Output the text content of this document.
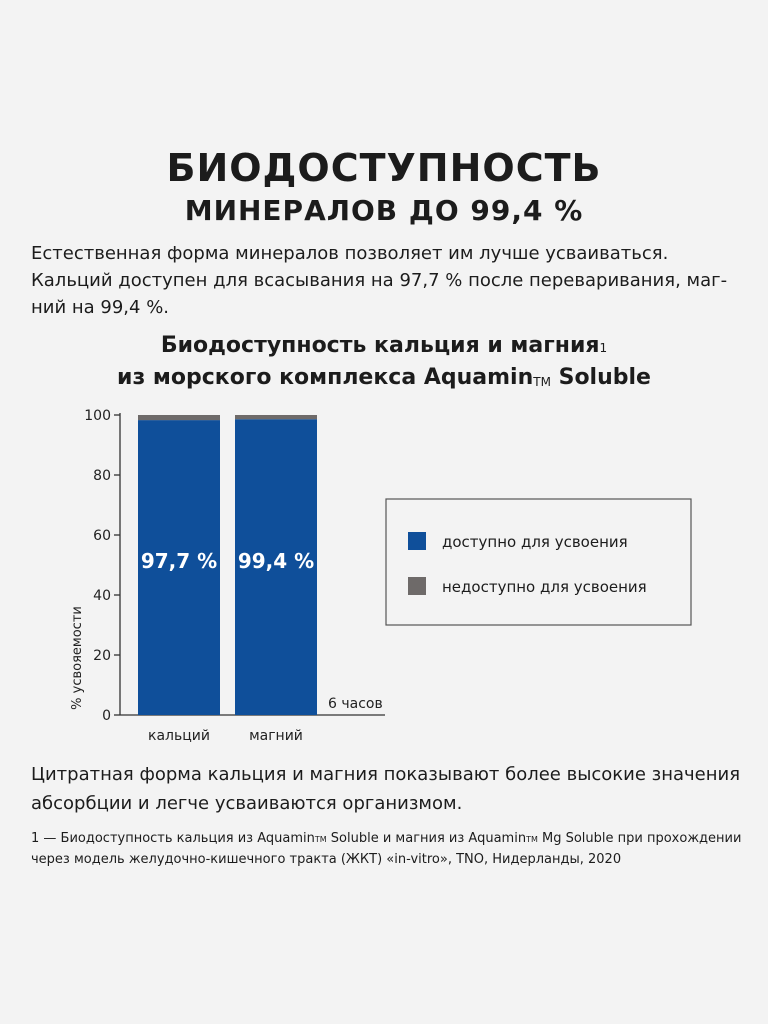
БИОДОСТУПНОСТЬ
МИНЕРАЛОВ ДО 99,4 %
Естественная форма минералов позволяет им лучше усваиваться. Кальций доступен для всасывания на 97,7 % после переваривания, магний на 99,4 %.
Биодоступность кальция и магния$^1$
из морского комплекса Aquamin™ Soluble
0
20
40
60
80
100
% усвояемости	6 часов
97,7 %
кальций
99,4 %
магний
доступно для усвоения
недоступно для усвоения
Цитратная форма кальция и магния показывают более высокие значения абсорбции и легче усваиваются организмом.
1 — Биодоступность кальция из Aquamin™ Soluble и магния из Aquamin™ Mg Soluble при прохождении через модель желудочно-кишечного тракта (ЖКТ) «in-vitro», TNO, Нидерланды, 2020
